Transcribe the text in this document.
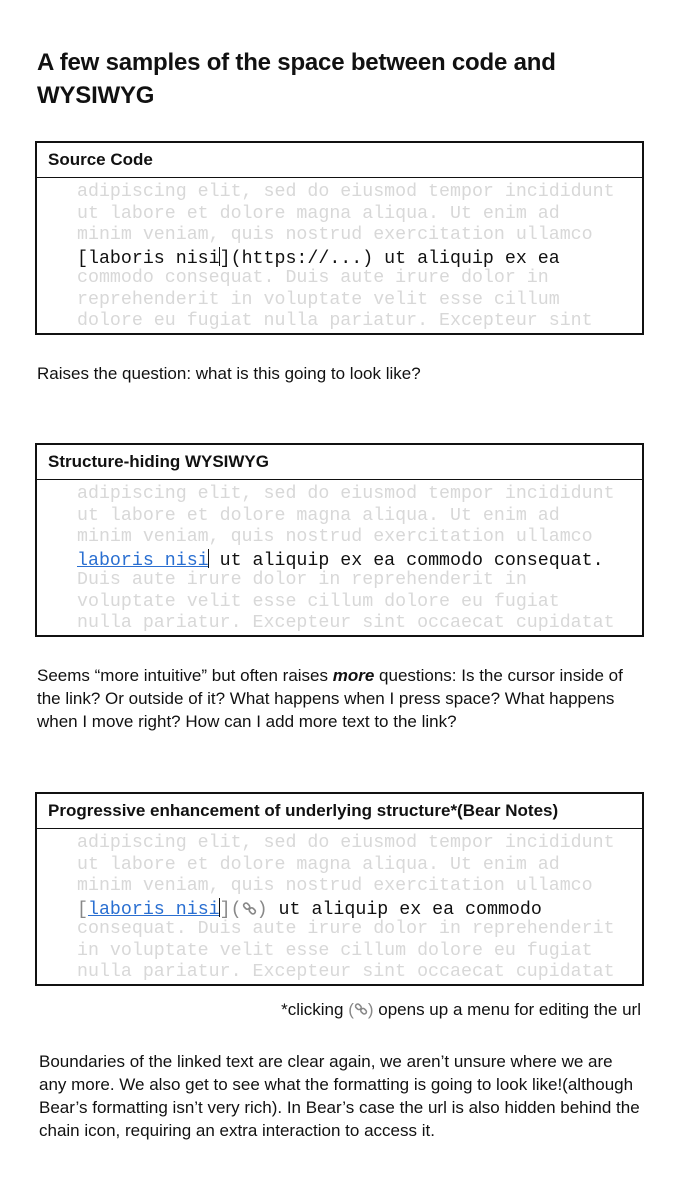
A few samples of the space between code and WYSIWYG
Source Code
adipiscing elit, sed do eiusmod tempor incididunt
ut labore et dolore magna aliqua. Ut enim ad
minim veniam, quis nostrud exercitation ullamco
[laboris nisi](https://...) ut aliquip ex ea
commodo consequat. Duis aute irure dolor in
reprehenderit in voluptate velit esse cillum
dolore eu fugiat nulla pariatur. Excepteur sint
Raises the question: what is this going to look like?
Structure-hiding WYSIWYG
adipiscing elit, sed do eiusmod tempor incididunt
ut labore et dolore magna aliqua. Ut enim ad
minim veniam, quis nostrud exercitation ullamco
laboris nisi ut aliquip ex ea commodo consequat.
Duis aute irure dolor in reprehenderit in
voluptate velit esse cillum dolore eu fugiat
nulla pariatur. Excepteur sint occaecat cupidatat
Seems “more intuitive” but often raises more questions: Is the cursor inside of the link? Or outside of it? What happens when I press space? What happens when I move right? How can I add more text to the link?
Progressive enhancement of underlying structure*(Bear Notes)
adipiscing elit, sed do eiusmod tempor incididunt
ut labore et dolore magna aliqua. Ut enim ad
minim veniam, quis nostrud exercitation ullamco
[laboris nisi]( ) ut aliquip ex ea commodo
consequat. Duis aute irure dolor in reprehenderit
in voluptate velit esse cillum dolore eu fugiat
nulla pariatur. Excepteur sint occaecat cupidatat
*clicking ( ) opens up a menu for editing the url
Boundaries of the linked text are clear again, we aren’t unsure where we are any more. We also get to see what the formatting is going to look like!(although Bear’s formatting isn’t very rich). In Bear’s case the url is also hidden behind the chain icon, requiring an extra interaction to access it.
